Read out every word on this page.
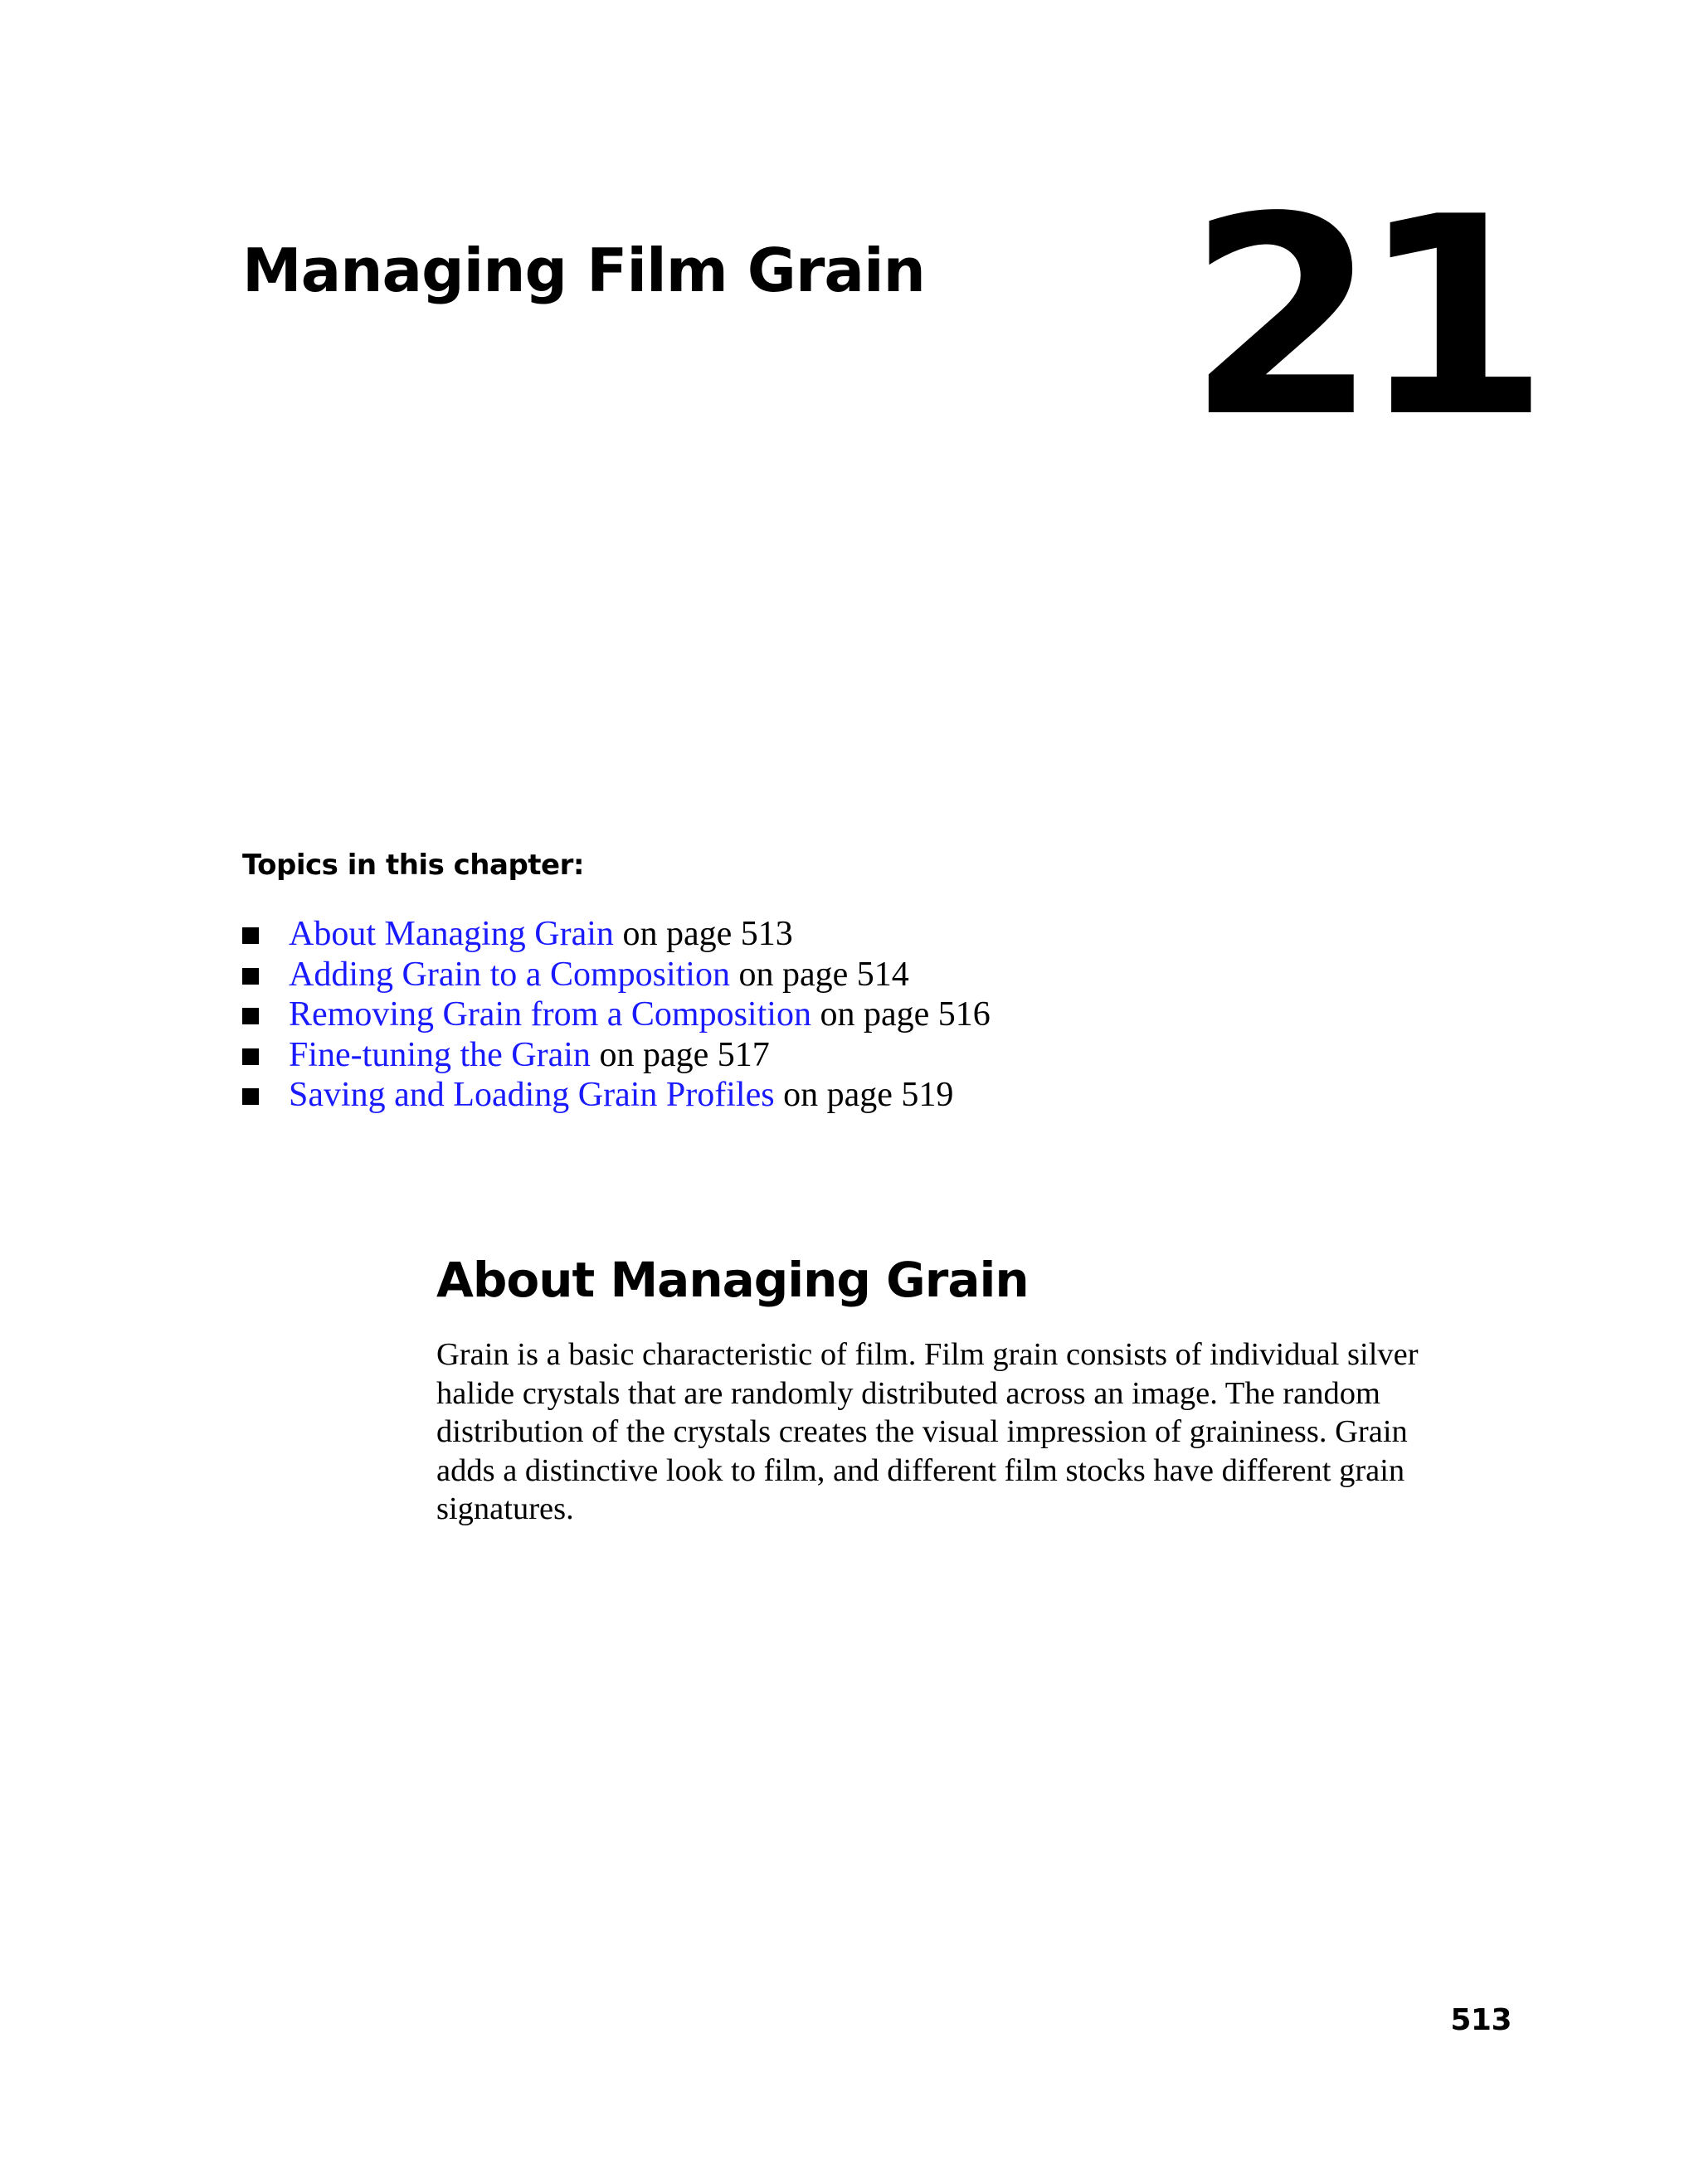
Managing Film Grain 21
Topics in this chapter:
About Managing Grain on page 513
Adding Grain to a Composition on page 514
Removing Grain from a Composition on page 516
Fine-tuning the Grain on page 517
Saving and Loading Grain Profiles on page 519
About Managing Grain

Grain is a basic characteristic of film. Film grain consists of individual silver
halide crystals that are randomly distributed across an image. The random
distribution of the crystals creates the visual impression of graininess. Grain
adds a distinctive look to film, and different film stocks have different grain
signatures.

513
